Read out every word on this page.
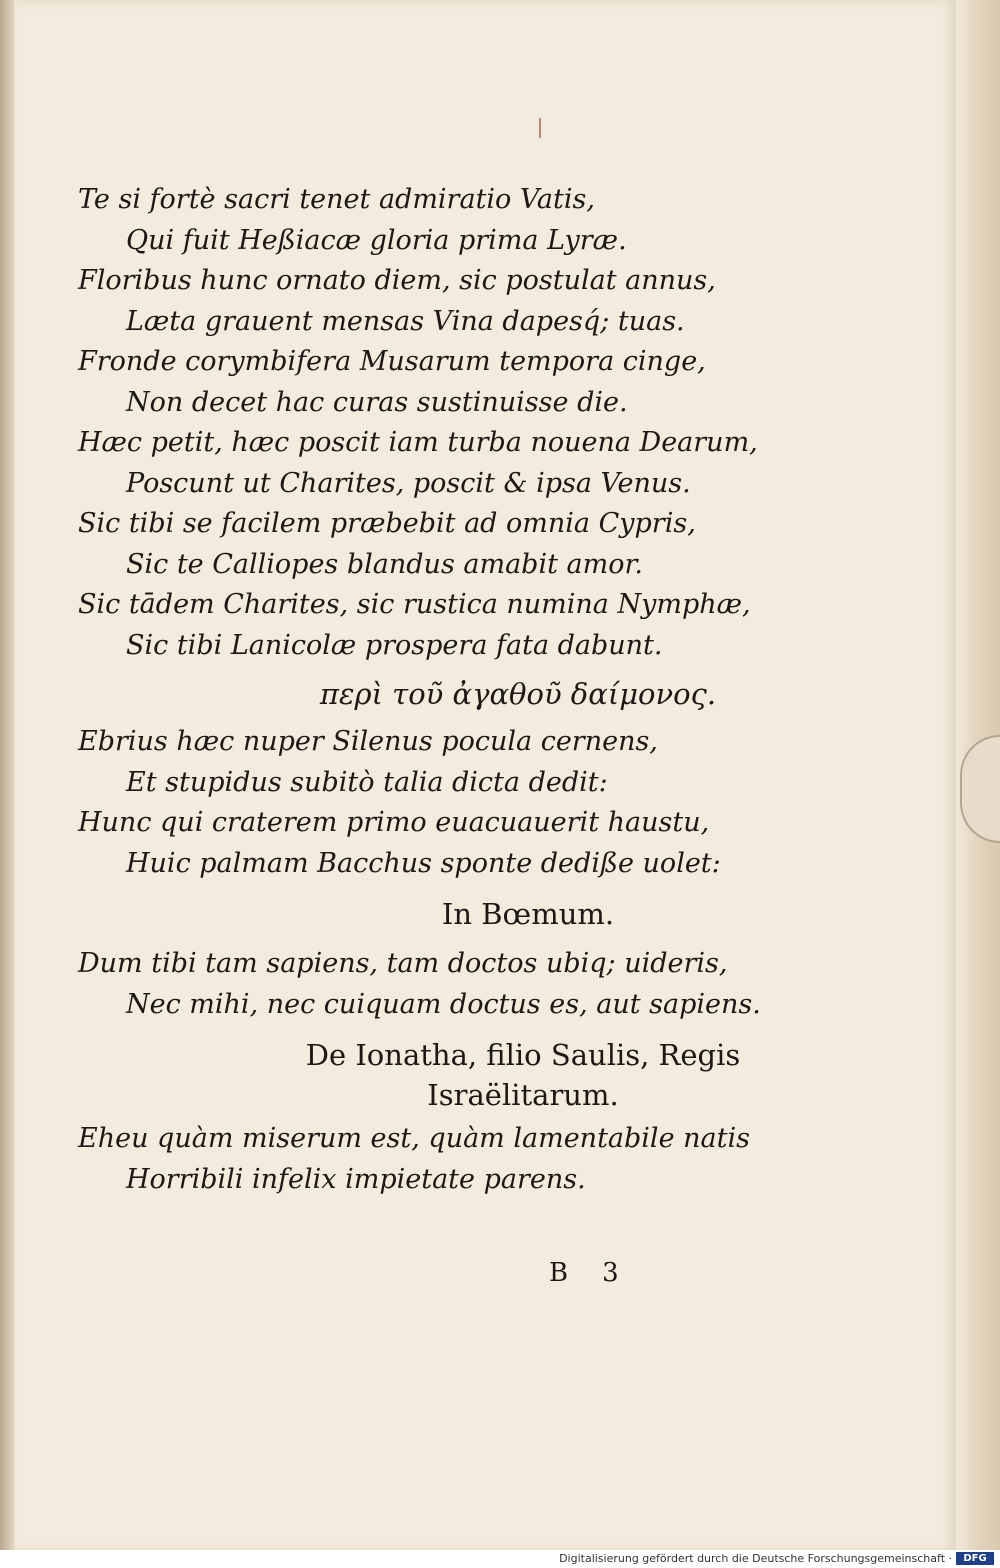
Te si fortè sacri tenet admiratio Vatis,
Qui fuit Heßiacæ gloria prima Lyræ.
Floribus hunc ornato diem, sic postulat annus,
Læta grauent mensas Vina dapesq́; tuas.
Fronde corymbifera Musarum tempora cinge,
Non decet hac curas sustinuisse die.
Hæc petit, hæc poscit iam turba nouena Dearum,
Poscunt ut Charites, poscit & ipsa Venus.
Sic tibi se facilem præbebit ad omnia Cypris,
Sic te Calliopes blandus amabit amor.
Sic tādem Charites, sic rustica numina Nymphæ,
Sic tibi Lanicolæ prospera fata dabunt.
περὶ τοῦ ἀγαθοῦ δαίμονος.
Ebrius hæc nuper Silenus pocula cernens,
Et stupidus subitò talia dicta dedit:
Hunc qui craterem primo euacuauerit haustu,
Huic palmam Bacchus sponte dediße uolet:
In Bœmum.
Dum tibi tam sapiens, tam doctos ubiq; uideris,
Nec mihi, nec cuiquam doctus es, aut sapiens.
De Ionatha, filio Saulis, Regis
Israëlitarum.
Eheu quàm miserum est, quàm lamentabile natis
Horribili infelix impietate parens.
B 3
Digitalisierung gefördert durch die Deutsche Forschungsgemeinschaft ·	DFG
